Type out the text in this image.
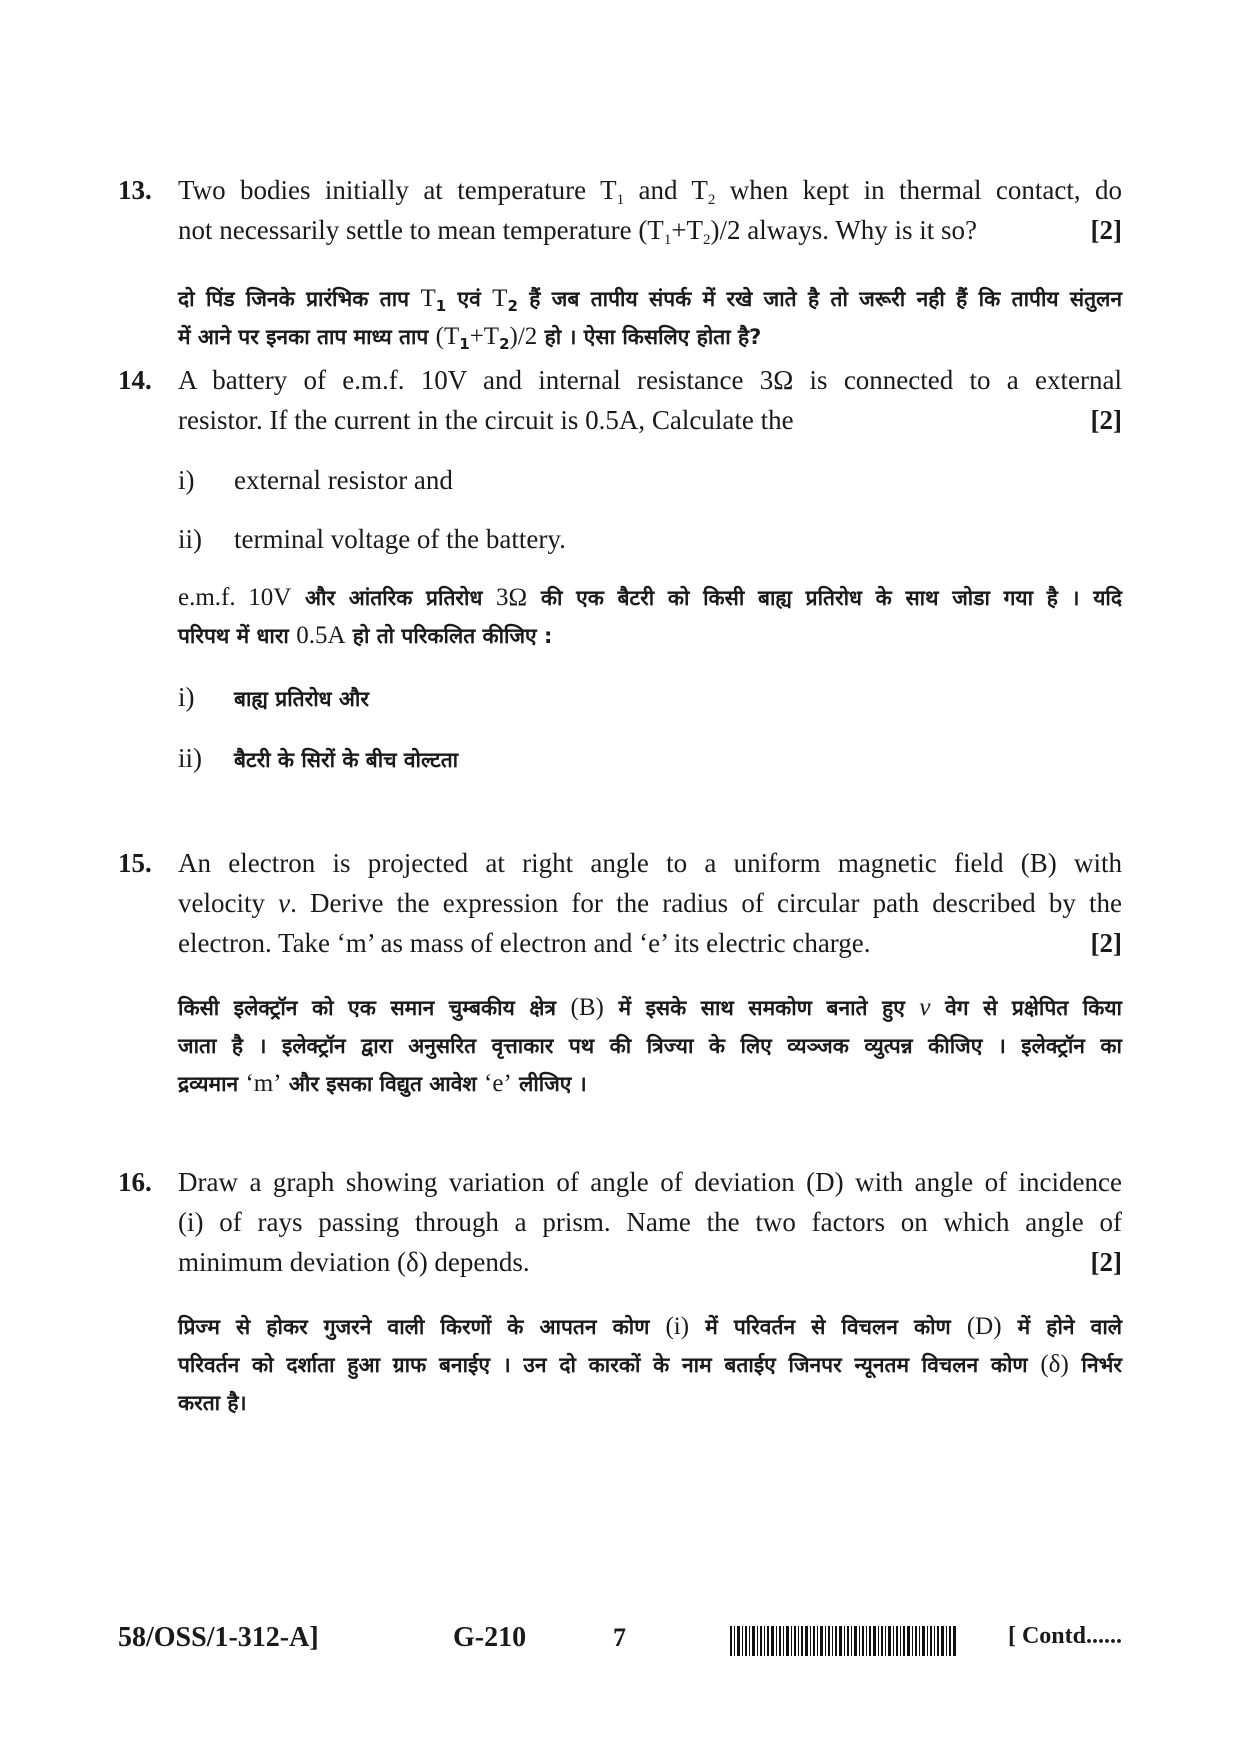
13. Two bodies initially at temperature $T_1$ and $T_2$ when kept in thermal contact, do
not necessarily settle to mean temperature $(T_1+T_2)/2$ always. Why is it so?	[2]

दो पिंड जिनके प्रारंभिक ताप $T_1$ एवं $T_2$ हैं जब तापीय संपर्क में रखे जाते है तो जरूरी नही हैं कि तापीय संतुलन
में आने पर इनका ताप माध्य ताप $(T_1+T_2)/2$ हो । ऐसा किसलिए होता है?

14. A battery of e.m.f. 10V and internal resistance 3Ω is connected to a external
resistor. If the current in the circuit is 0.5A, Calculate the	[2]

i)	external resistor and
ii)	terminal voltage of the battery.

e.m.f. 10V और आंतरिक प्रतिरोध 3Ω की एक बैटरी को किसी बाह्य प्रतिरोध के साथ जोडा गया है । यदि
परिपथ में धारा 0.5A हो तो परिकलित कीजिए :

i)	बाह्य प्रतिरोध और
ii)	बैटरी के सिरों के बीच वोल्टता
15. An electron is projected at right angle to a uniform magnetic field (B) with
velocity v. Derive the expression for the radius of circular path described by the
electron. Take ‘m’ as mass of electron and ‘e’ its electric charge.	[2]

किसी इलेक्ट्रॉन को एक समान चुम्बकीय क्षेत्र (B) में इसके साथ समकोण बनाते हुए v वेग से प्रक्षेपित किया
जाता है । इलेक्ट्रॉन द्वारा अनुसरित वृत्ताकार पथ की त्रिज्या के लिए व्यञ्जक व्युत्पन्न कीजिए । इलेक्ट्रॉन का
द्रव्यमान ‘m’ और इसका विद्युत आवेश ‘e’ लीजिए ।

16. Draw a graph showing variation of angle of deviation (D) with angle of incidence
(i) of rays passing through a prism. Name the two factors on which angle of
minimum deviation (δ) depends.	[2]

प्रिज्म से होकर गुजरने वाली किरणों के आपतन कोण (i) में परिवर्तन से विचलन कोण (D) में होने वाले
परिवर्तन को दर्शाता हुआ ग्राफ बनाईए । उन दो कारकों के नाम बताईए जिनपर न्यूनतम विचलन कोण (δ) निर्भर
करता है।

58/OSS/1-312-A]	G-210	7	[ Contd......
